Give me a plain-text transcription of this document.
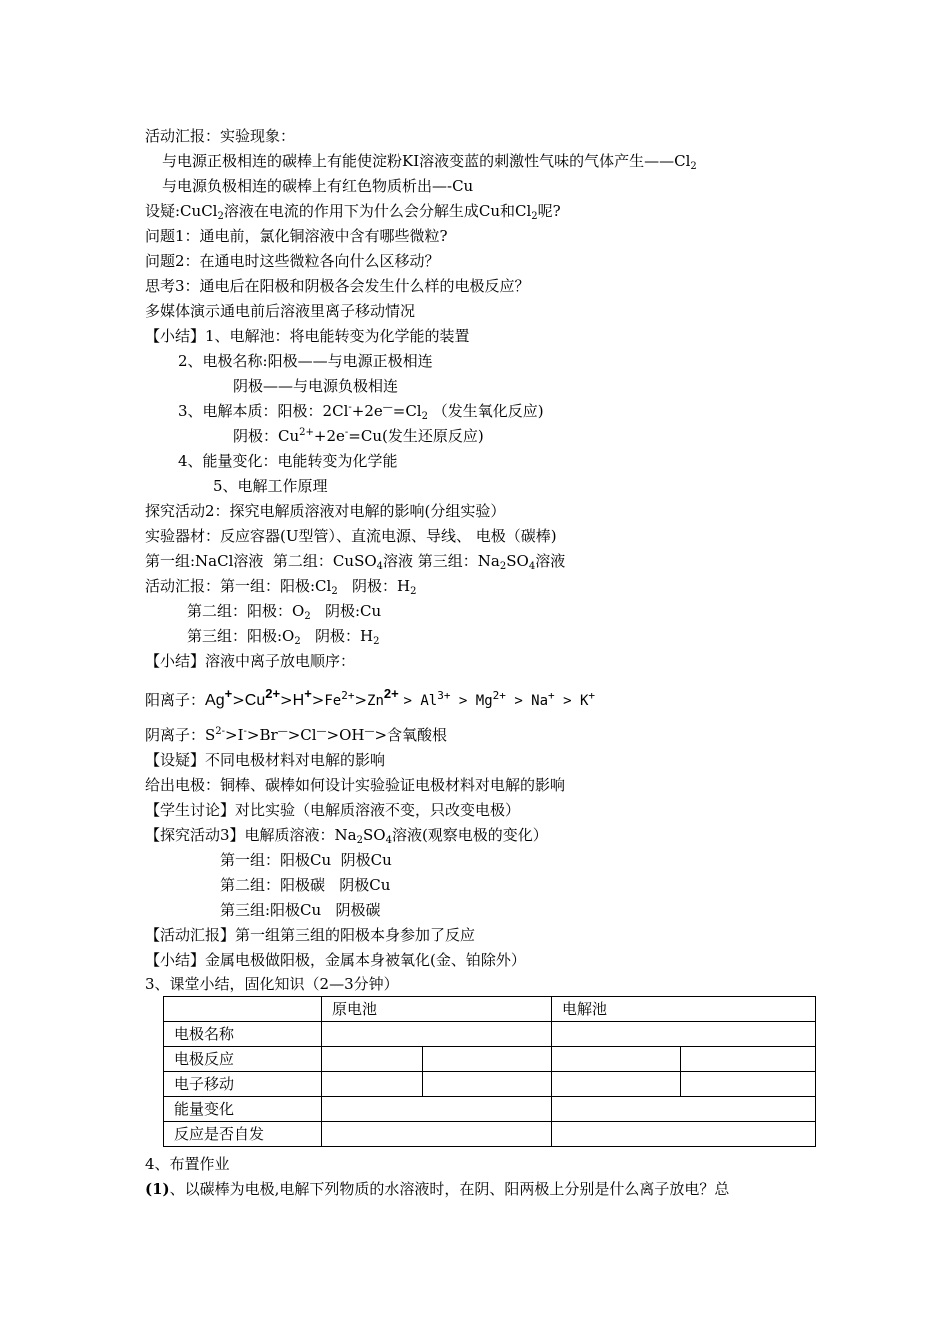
活动汇报：实验现象：
与电源正极相连的碳棒上有能使淀粉KI溶液变蓝的刺激性气味的气体产生$——Cl_2$
与电源负极相连的碳棒上有红色物质析出—-Cu
设疑:CuCl$_2$溶液在电流的作用下为什么会分解生成Cu和$Cl_2$呢?
问题1：通电前，氯化铜溶液中含有哪些微粒?
问题2：在通电时这些微粒各向什么区移动？
思考3：通电后在阳极和阴极各会发生什么样的电极反应？
多媒体演示通电前后溶液里离子移动情况
【小结】1、电解池：将电能转变为化学能的装置
2、电极名称:阳极——与电源正极相连
阴极——与电源负极相连
3、电解本质：阳极：$2Cl^-+2e^—=Cl_2$ （发生氧化反应)
阴极：$Cu^{2+}+2e^-=Cu$(发生还原反应)
4、能量变化：电能转变为化学能
5、电解工作原理
探究活动2：探究电解质溶液对电解的影响(分组实验）
实验器材：反应容器(U型管）、直流电源、导线、 电极（碳棒)
第一组:NaCl溶液  第二组：CuSO$_4$溶液 第三组：$Na_2SO_4$溶液
活动汇报：第一组：阳极$:Cl_2$   阴极：$H_2$
第二组：阳极：$O_2$   阴极:Cu
第三组：阳极$:O_2$   阴极：$H_2$
【小结】溶液中离子放电顺序：
阳离子：$Ag^+>Cu^{2+}>H^+>Fe^{2+}>Zn^{2+} > Al^{3+} > Mg^{2+} > Na^+ > K^+$
阴离子：$S^{2-}>I^->Br^—>Cl^—>OH^—>$含氧酸根
【设疑】不同电极材料对电解的影响
给出电极：铜棒、碳棒如何设计实验验证电极材料对电解的影响
【学生讨论】对比实验（电解质溶液不变，只改变电极）
【探究活动3】电解质溶液：$Na_2SO_4$溶液(观察电极的变化）
第一组：阳极Cu  阴极Cu
第二组：阳极碳   阴极Cu
第三组:阳极Cu   阴极碳
【活动汇报】第一组第三组的阳极本身参加了反应
【小结】金属电极做阳极，金属本身被氧化(金、铂除外）
3、课堂小结，固化知识（2—3分钟）
	原电池		电解池	
电极名称				
电极反应				
电子移动				
能量变化				
反应是否自发				
4、布置作业
(1)、以碳棒为电极,电解下列物质的水溶液时，在阴、阳两极上分别是什么离子放电？总
